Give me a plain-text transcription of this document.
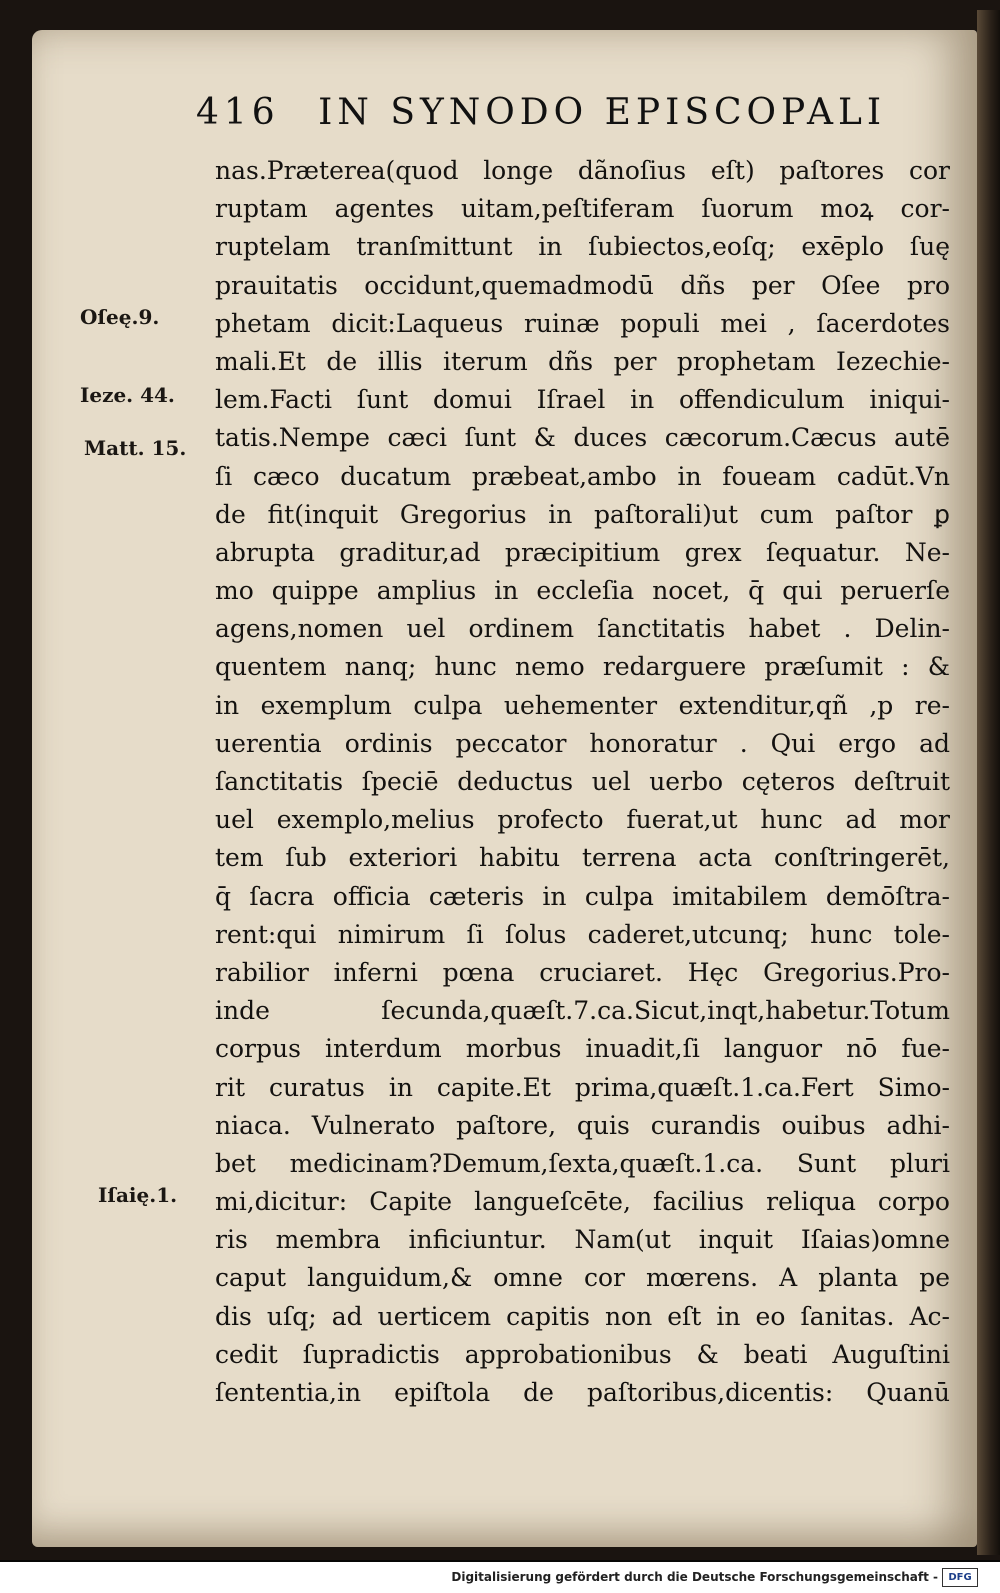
416 IN SYNODO EPISCOPALI
Oſeę.9.
Ieze. 44.
Matt. 15.
Iſaię.1.
nas.Prætereа(quod longe dãnoſius eſt) paſtores cor
ruptam agentes uitam,peſtiferam ſuorum moꝝ cor-
ruptelam tranſmittunt in ſubiectos,eoſq; exēplo ſuę
prauitatis occidunt,quemadmodū dñs per Oſee pro
phetam dicit:Laqueus ruinæ populi mei , ſacerdotes
mali.Et de illis iterum dñs per prophetam Iezechie-
lem.Facti ſunt domui Iſrael in offendiculum iniqui-
tatis.Nempe cæci ſunt & duces cæcorum.Cæcus autē
ſi cæco ducatum præbeat,ambo in foueam cadūt.Vn
de fit(inquit Gregorius in paſtorali)ut cum paſtor ꝑ
abrupta graditur,ad præcipitium grex ſequatur. Ne-
mo quippe amplius in eccleſia nocet, q̄ qui peruerſe
agens,nomen uel ordinem ſanctitatis habet . Delin-
quentem nanq; hunc nemo redarguere præſumit : &
in exemplum culpa uehementer extenditur,qñ ,p re-
uerentia ordinis peccator honoratur . Qui ergo ad
ſanctitatis ſpeciē deductus uel uerbo cęteros deſtruit
uel exemplo,melius profecto fuerat,ut hunc ad mor
tem ſub exteriori habitu terrena acta conſtringerēt,
q̄ ſacra officia cæteris in culpa imitabilem demōſtra-
rent:qui nimirum ſi ſolus caderet,utcunq; hunc tole-
rabilior inferni pœna cruciaret. Hęc Gregorius.Pro-
inde ſecunda,quæſt.7.ca.Sicut,inqt,habetur.Totum
corpus interdum morbus inuadit,ſi languor nō fue-
rit curatus in capite.Et prima,quæſt.1.ca.Fert Simo-
niaca. Vulnerato paſtore, quis curandis ouibus adhi-
bet medicinam?Demum,ſexta,quæſt.1.ca. Sunt pluri
mi,dicitur: Capite langueſcēte, facilius reliqua corpo
ris membra inficiuntur. Nam(ut inquit Iſaias)omne
caput languidum,& omne cor mœrens. A planta pe
dis uſq; ad uerticem capitis non eſt in eo ſanitas. Ac-
cedit ſupradictis approbationibus & beati Auguſtini
ſententia,in epiſtola de paſtoribus,dicentis: Quanū
Digitalisierung gefördert durch die Deutsche Forschungsgemeinschaft -	DFG
